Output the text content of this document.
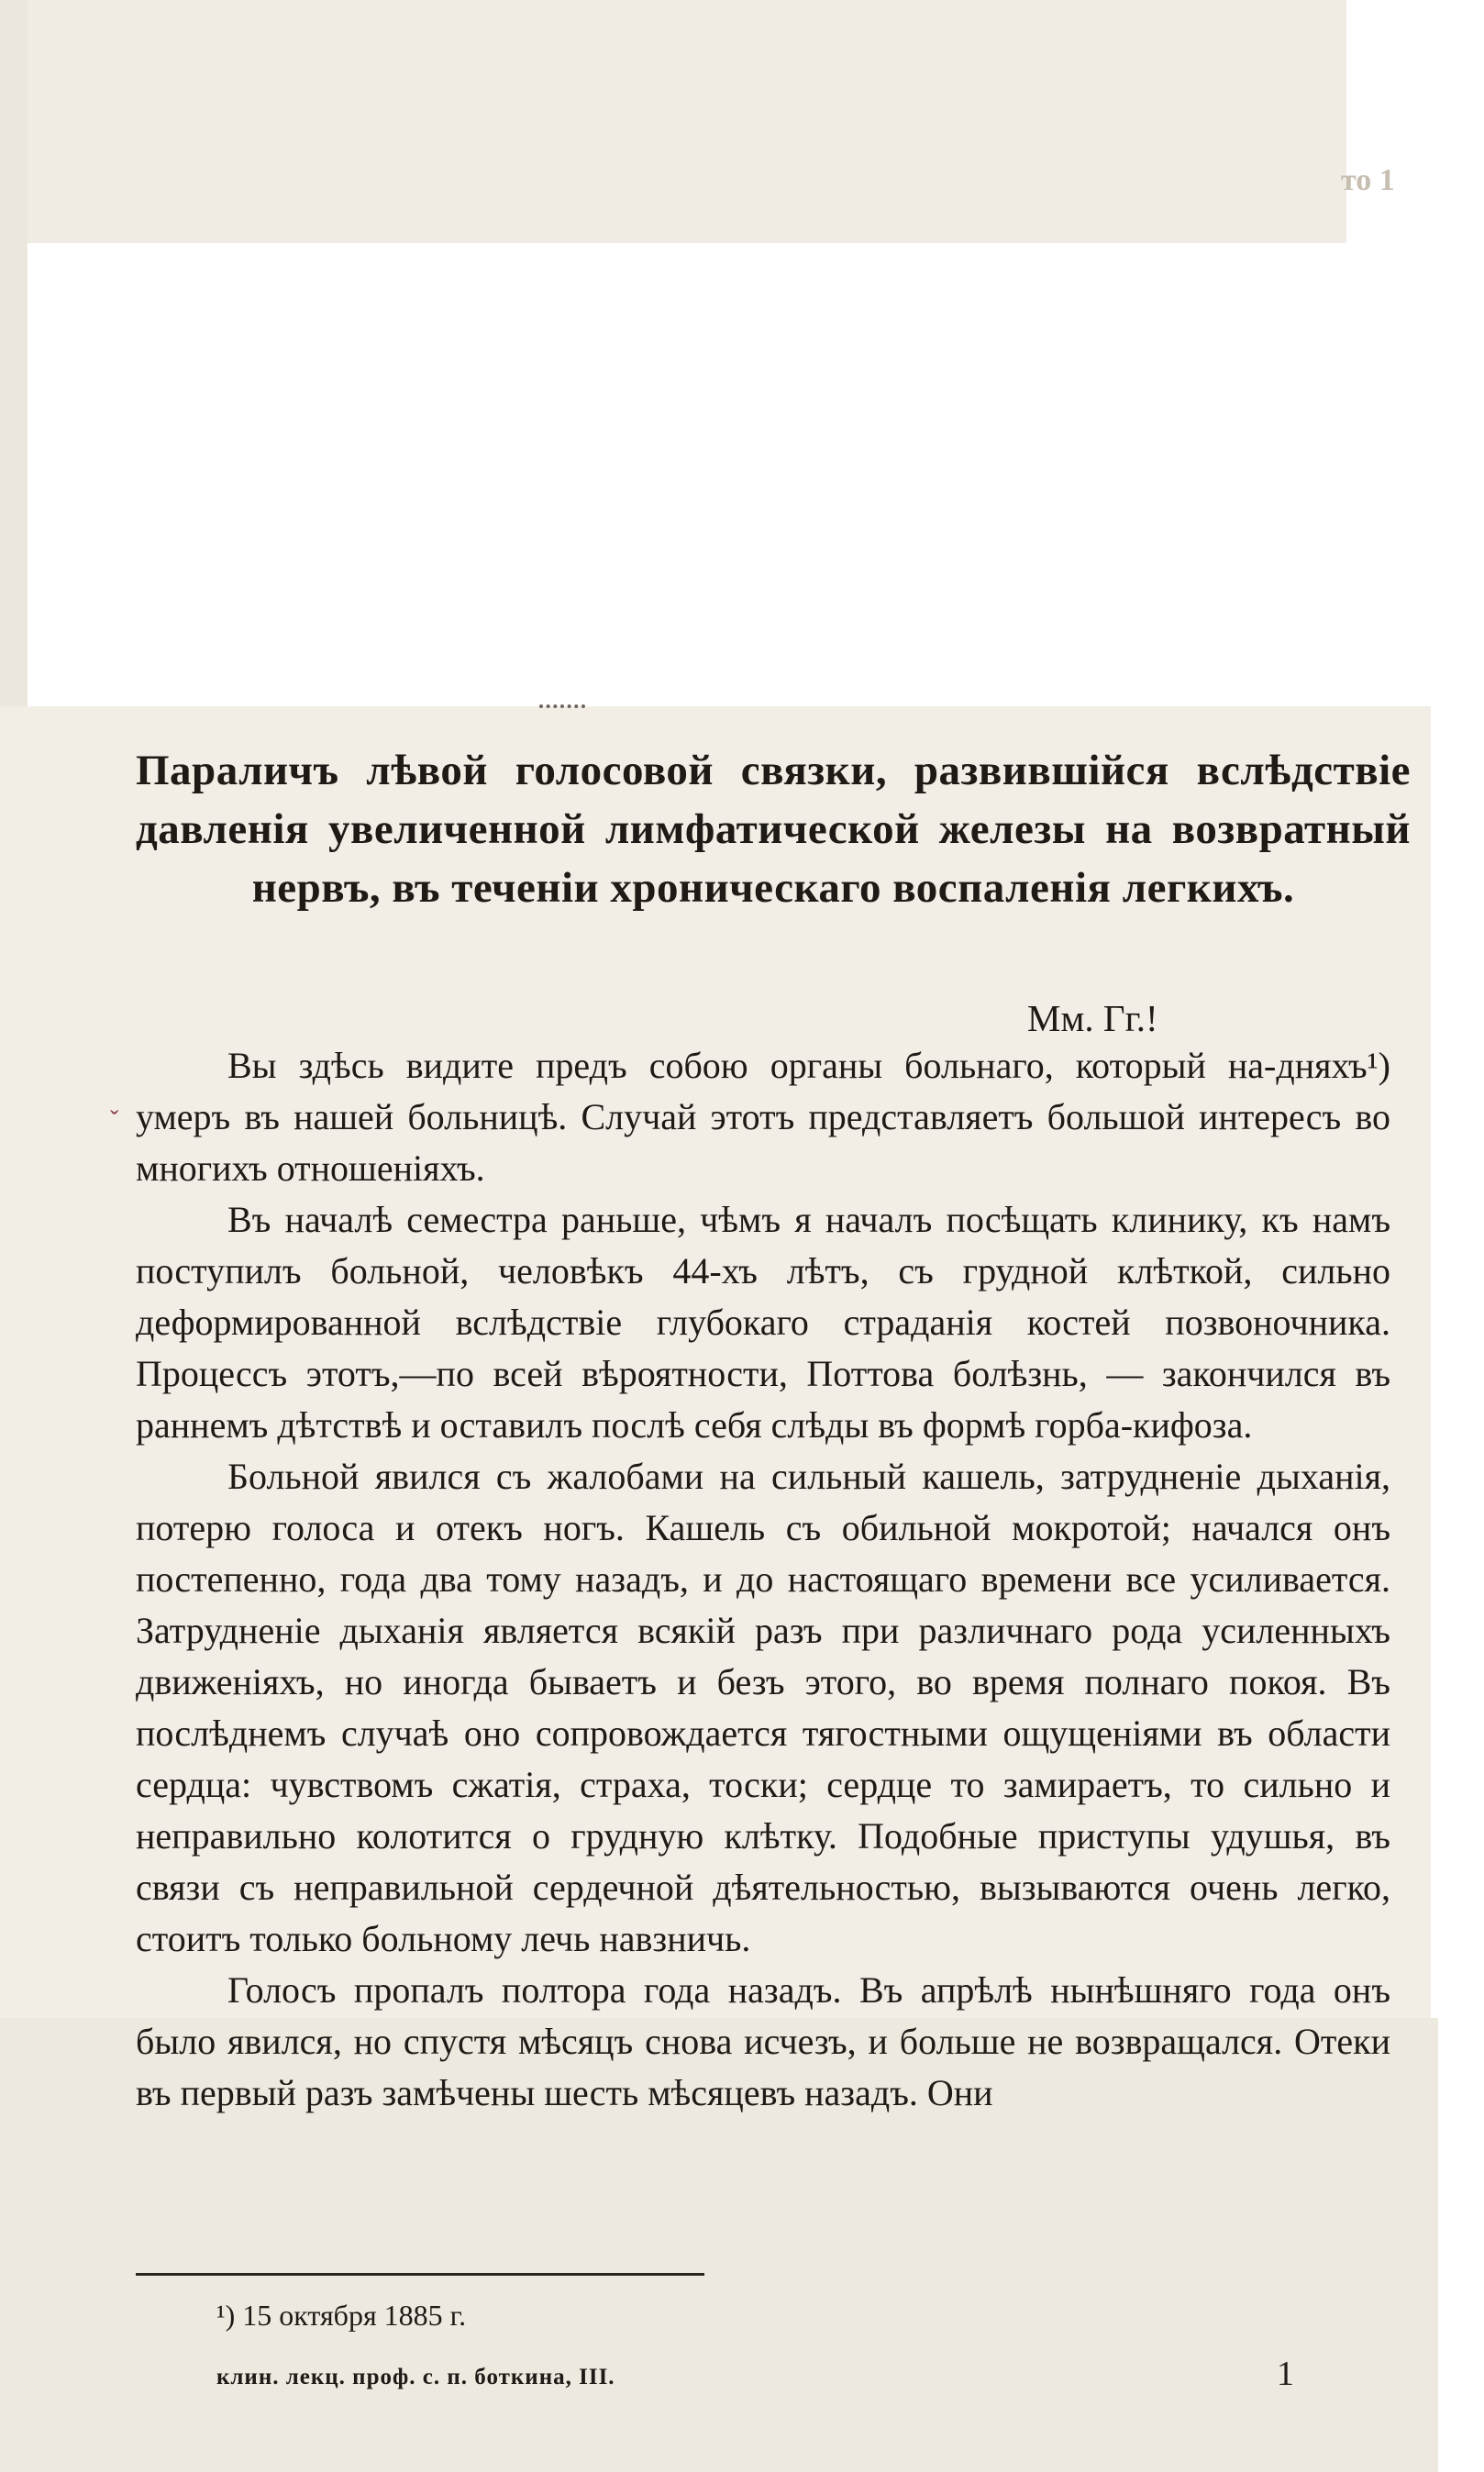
то 1
ˇ
Параличъ лѣвой голосовой связки, развившійся вслѣдствіе давленія увеличенной лимфатической железы на возвратный нервъ, въ теченіи хроническаго воспаленія легкихъ.
Мм. Гг.!

Вы здѣсь видите предъ собою органы больнаго, который на-дняхъ¹) умеръ въ нашей больницѣ. Случай этотъ представляетъ большой интересъ во многихъ отношеніяхъ.

Въ началѣ семестра раньше, чѣмъ я началъ посѣщать клинику, къ намъ поступилъ больной, человѣкъ 44-хъ лѣтъ, съ грудной клѣткой, сильно деформированной вслѣдствіе глубокаго страданія костей позвоночника. Процессъ этотъ,—по всей вѣроятности, Поттова болѣзнь, — закончился въ раннемъ дѣтствѣ и оставилъ послѣ себя слѣды въ формѣ горба-кифоза.

Больной явился съ жалобами на сильный кашель, затрудненіе дыханія, потерю голоса и отекъ ногъ. Кашель съ обильной мокротой; начался онъ постепенно, года два тому назадъ, и до настоящаго времени все усиливается. Затрудненіе дыханія является всякій разъ при различнаго рода усиленныхъ движеніяхъ, но иногда бываетъ и безъ этого, во время полнаго покоя. Въ послѣднемъ случаѣ оно сопровождается тягостными ощущеніями въ области сердца: чувствомъ сжатія, страха, тоски; сердце то замираетъ, то сильно и неправильно колотится о грудную клѣтку. Подобные приступы удушья, въ связи съ неправильной сердечной дѣятельностью, вызываются очень легко, стоитъ только больному лечь навзничь.

Голосъ пропалъ полтора года назадъ. Въ апрѣлѣ нынѣшняго года онъ было явился, но спустя мѣсяцъ снова исчезъ, и больше не возвращался. Отеки въ первый разъ замѣчены шесть мѣсяцевъ назадъ. Они

¹) 15 октября 1885 г.
клин. лекц. проф. с. п. боткина, III.	1
